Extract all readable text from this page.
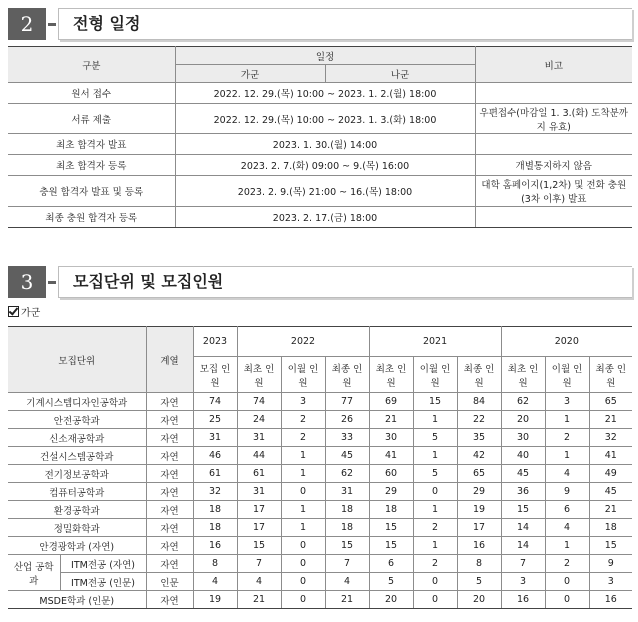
2	전형 일정
구분	일정		비고
	가군	나군	
원서 접수	2022. 12. 29.(목) 10:00 ~ 2023. 1. 2.(월) 18:00		
서류 제출	2022. 12. 29.(목) 10:00 ~ 2023. 1. 3.(화) 18:00		우편접수(마감일 1. 3.(화) 도착분까지 유효)
최초 합격자 발표	2023. 1. 30.(월) 14:00		
최초 합격자 등록	2023. 2. 7.(화) 09:00 ~ 9.(목) 16:00		개별통지하지 않음
충원 합격자 발표 및 등록	2023. 2. 9.(목) 21:00 ~ 16.(목) 18:00		대학 홈페이지(1,2차) 및 전화 충원(3차 이후) 발표
최종 충원 합격자 등록	2023. 2. 17.(금) 18:00		
3	모집단위 및 모집인원
가군
모집단위		계열	2023	2022			2021			2020		
			모집 인원	최초 인원	이월 인원	최종 인원	최초 인원	이월 인원	최종 인원	최초 인원	이월 인원	최종 인원
기계시스템디자인공학과		자연	74	74	3	77	69	15	84	62	3	65
안전공학과		자연	25	24	2	26	21	1	22	20	1	21
신소재공학과		자연	31	31	2	33	30	5	35	30	2	32
건설시스템공학과		자연	46	44	1	45	41	1	42	40	1	41
전기정보공학과		자연	61	61	1	62	60	5	65	45	4	49
컴퓨터공학과		자연	32	31	0	31	29	0	29	36	9	45
환경공학과		자연	18	17	1	18	18	1	19	15	6	21
정밀화학과		자연	18	17	1	18	15	2	17	14	4	18
안경광학과 (자연)		자연	16	15	0	15	15	1	16	14	1	15
산업 공학과	ITM전공 (자연)	자연	8	7	0	7	6	2	8	7	2	9
	ITM전공 (인문)	인문	4	4	0	4	5	0	5	3	0	3
MSDE학과 (인문)		자연	19	21	0	21	20	0	20	16	0	16
